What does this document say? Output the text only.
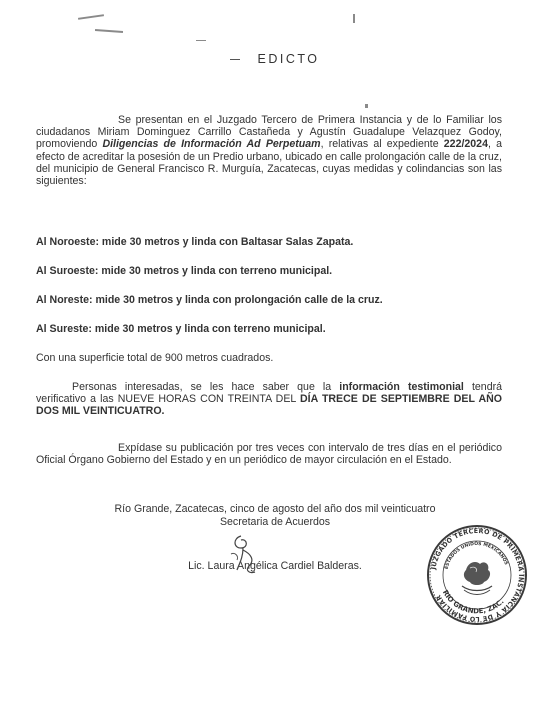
EDICTO
Se presentan en el Juzgado Tercero de Primera Instancia y de lo Familiar los ciudadanos Miriam Dominguez Carrillo Castañeda y Agustín Guadalupe Velazquez Godoy, promoviendo Diligencias de Información Ad Perpetuam, relativas al expediente 222/2024, a efecto de acreditar la posesión de un Predio urbano, ubicado en calle prolongación calle de la cruz, del municipio de General Francisco R. Murguía, Zacatecas, cuyas medidas y colindancias son las siguientes:
Al Noroeste: mide 30 metros y linda con Baltasar Salas Zapata.
Al Suroeste: mide 30 metros y linda con terreno municipal.
Al Noreste: mide 30 metros y linda con prolongación calle de la cruz.
Al Sureste: mide 30 metros y linda con terreno municipal.
Con una superficie total de 900 metros cuadrados.
Personas interesadas, se les hace saber que la información testimonial tendrá verificativo a las NUEVE HORAS CON TREINTA DEL DÍA TRECE DE SEPTIEMBRE DEL AÑO DOS MIL VEINTICUATRO.
Expídase su publicación por tres veces con intervalo de tres días en el periódico Oficial Órgano Gobierno del Estado y en un periódico de mayor circulación en el Estado.
Río Grande, Zacatecas, cinco de agosto del año dos mil veinticuatro
Secretaria de Acuerdos
Lic. Laura Angélica Cardiel Balderas.	JUZGADO TERCERO DE PRIMERA INSTANCIA Y DE LO FAMILIAR
ESTADOS UNIDOS MEXICANOS
RIO GRANDE, ZAC.
